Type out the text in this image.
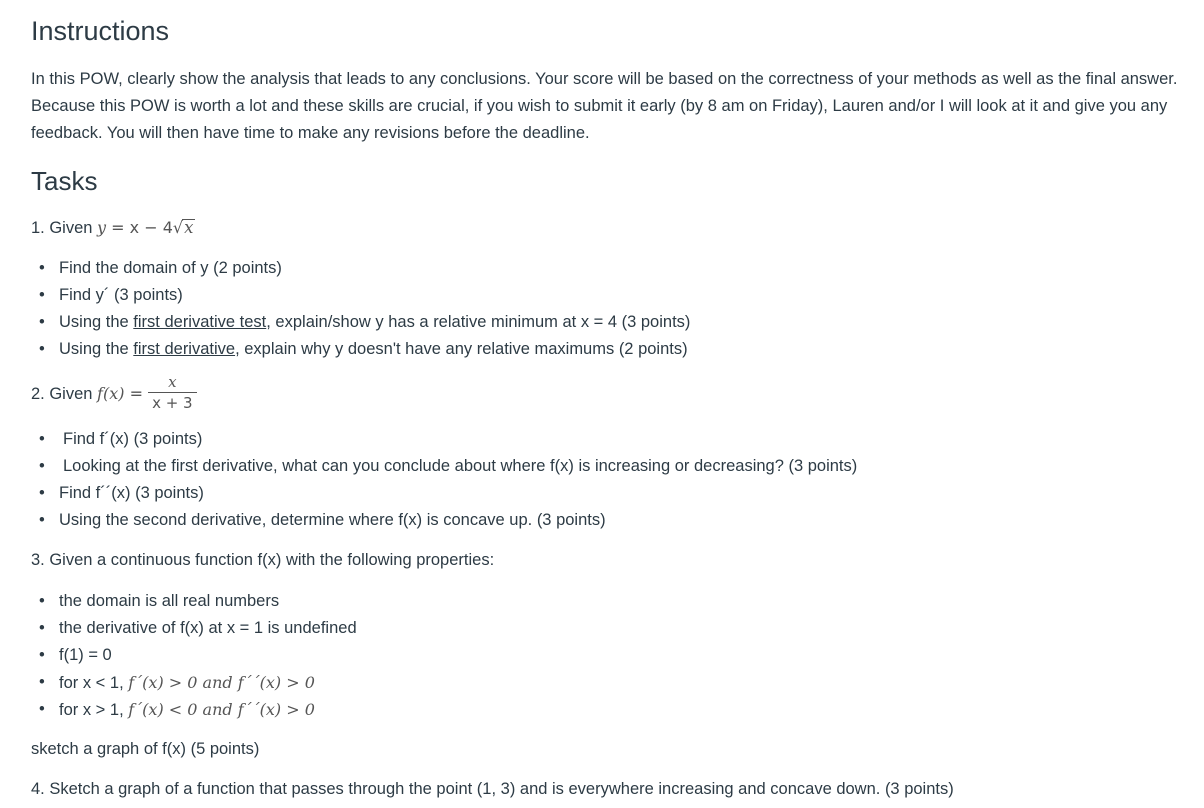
Instructions

In this POW, clearly show the analysis that leads to any conclusions. Your score will be based on the correctness of your methods as well as the final answer. Because this POW is worth a lot and these skills are crucial, if you wish to submit it early (by 8 am on Friday), Lauren and/or I will look at it and give you any feedback. You will then have time to make any revisions before the deadline.

Tasks
1. Given y = x − 4√x
• Find the domain of y (2 points)
• Find y´ (3 points)
• Using the first derivative test, explain/show y has a relative minimum at x = 4 (3 points)
• Using the first derivative, explain why y doesn't have any relative maximums (2 points)
2. Given $f(x) = \frac{x}{x + 3}$
• Find f´(x) (3 points)
• Looking at the first derivative, what can you conclude about where f(x) is increasing or decreasing? (3 points)
• Find f´´(x) (3 points)
• Using the second derivative, determine where f(x) is concave up. (3 points)
3. Given a continuous function f(x) with the following properties:
• the domain is all real numbers
• the derivative of f(x) at x = 1 is undefined
• f(1) = 0
• for x < 1, f´(x) > 0 and f´´(x) > 0
• for x > 1, f´(x) < 0 and f´´(x) > 0
sketch a graph of f(x) (5 points)
4. Sketch a graph of a function that passes through the point (1, 3) and is everywhere increasing and concave down. (3 points)
